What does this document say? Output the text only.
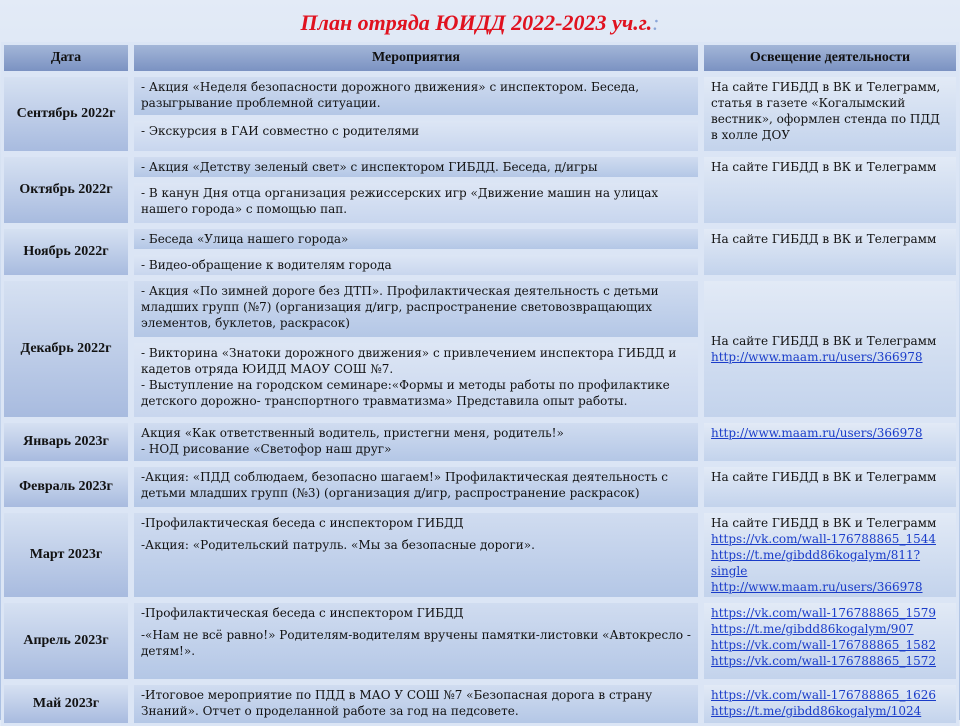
План отряда ЮИДД 2022-2023 уч.г.:
Дата	Мероприятия	Освещение деятельности
Сентябрь 2022г	- Акция «Неделя безопасности дорожного движения» с инспектором. Беседа, разыгрывание проблемной ситуации.	На сайте ГИБДД в ВК и Телеграмм, статья в газете «Когалымский вестник», оформлен стенда по ПДД в холле ДОУ
	- Экскурсия в ГАИ совместно с родителями	
Октябрь 2022г	- Акция «Детству зеленый свет» с инспектором ГИБДД. Беседа, д/игры	На сайте ГИБДД в ВК и Телеграмм
	- В канун Дня отца организация режиссерских игр «Движение машин на улицах нашего города» с помощью пап.	
Ноябрь 2022г	- Беседа «Улица нашего города»	На сайте ГИБДД в ВК и Телеграмм
	- Видео-обращение к водителям города	
Декабрь 2022г	- Акция «По зимней дороге без ДТП». Профилактическая деятельность с детьми младших групп (№7) (организация д/игр, распространение световозвращающих элементов, буклетов, раскрасок)	На сайте ГИБДД в ВК и Телеграмм
http://www.maam.ru/users/366978

	- Викторина «Знатоки дорожного движения» с привлечением инспектора ГИБДД и кадетов отряда ЮИДД МАОУ СОШ №7.
- Выступление на городском семинаре:«Формы и методы работы по профилактике детского дорожно- транспортного травматизма» Представила опыт работы.	

Январь 2023г	Акция «Как ответственный водитель, пристегни меня, родитель!»
- НОД рисование «Светофор наш друг»	http://www.maam.ru/users/366978

Февраль 2023г	-Акция: «ПДД соблюдаем, безопасно шагаем!» Профилактическая деятельность с детьми младших групп (№3) (организация д/игр, распространение раскрасок)	На сайте ГИБДД в ВК и Телеграмм
Март 2023г	-Профилактическая беседа с инспектором ГИБДД
-Акция: «Родительский патруль. «Мы за безопасные дороги».	На сайте ГИБДД в ВК и Телеграмм
https://vk.com/wall-176788865_1544
https://t.me/gibdd86kogalym/811?single
http://www.maam.ru/users/366978

Апрель 2023г	-Профилактическая беседа с инспектором ГИБДД
-«Нам не всё равно!» Родителям-водителям вручены памятки-листовки «Автокресло - детям!».	https://vk.com/wall-176788865_1579
https://t.me/gibdd86kogalym/907
https://vk.com/wall-176788865_1582
https://vk.com/wall-176788865_1572

Май 2023г	-Итоговое мероприятие по ПДД в МАО У СОШ №7 «Безопасная дорога в страну Знаний». Отчет о проделанной работе за год на педсовете.	https://vk.com/wall-176788865_1626
https://t.me/gibdd86kogalym/1024
